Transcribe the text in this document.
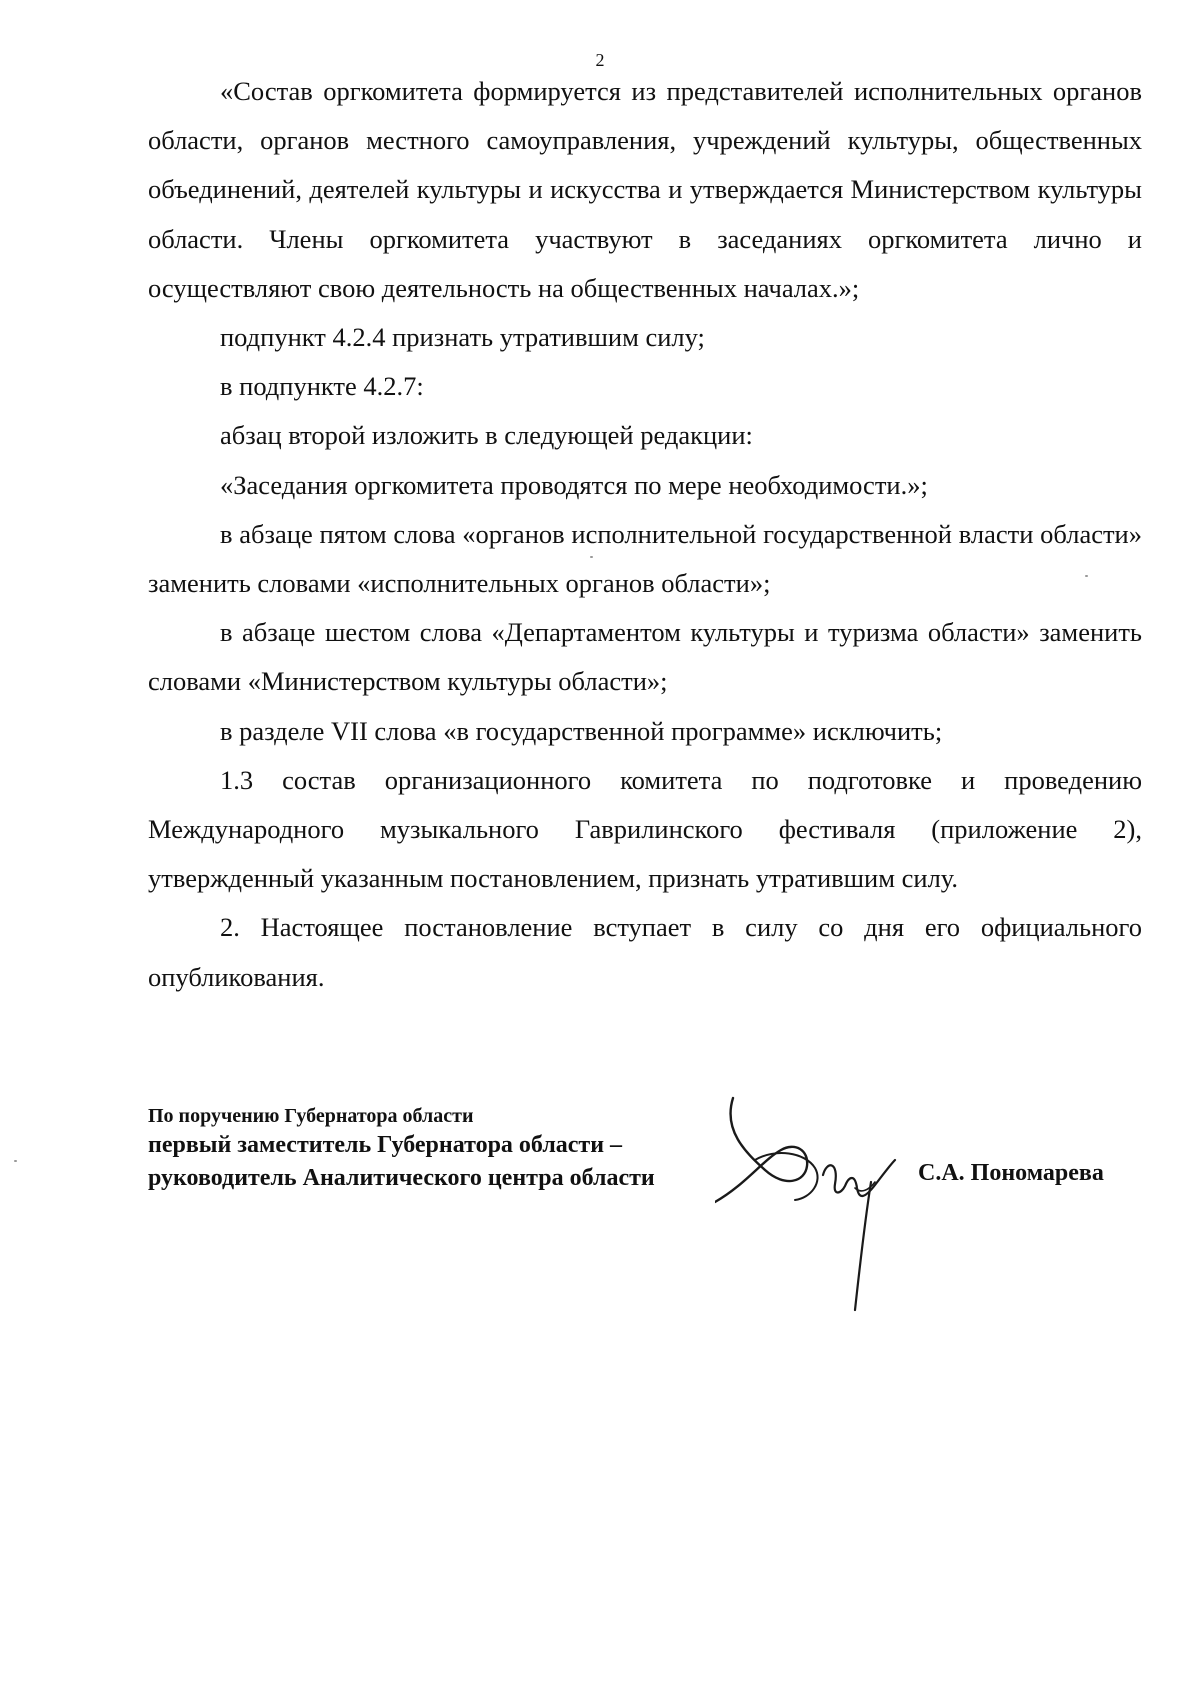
2

«Состав оргкомитета формируется из представителей исполнительных органов области, органов местного самоуправления, учреждений культуры, общественных объединений, деятелей культуры и искусства и утверждается Министерством культуры области. Члены оргкомитета участвуют в заседаниях оргкомитета лично и осуществляют свою деятельность на общественных началах.»;

подпункт 4.2.4 признать утратившим силу;

в подпункте 4.2.7:

абзац второй изложить в следующей редакции:

«Заседания оргкомитета проводятся по мере необходимости.»;

в абзаце пятом слова «органов исполнительной государственной власти области» заменить словами «исполнительных органов области»;

в абзаце шестом слова «Департаментом культуры и туризма области» заменить словами «Министерством культуры области»;

в разделе VII слова «в государственной программе» исключить;

1.3 состав организационного комитета по подготовке и проведению Международного музыкального Гаврилинского фестиваля (приложение 2), утвержденный указанным постановлением, признать утратившим силу.

2. Настоящее постановление вступает в силу со дня его официального опубликования.

По поручению Губернатора области
первый заместитель Губернатора области –
руководитель Аналитического центра области	С.А. Пономарева
